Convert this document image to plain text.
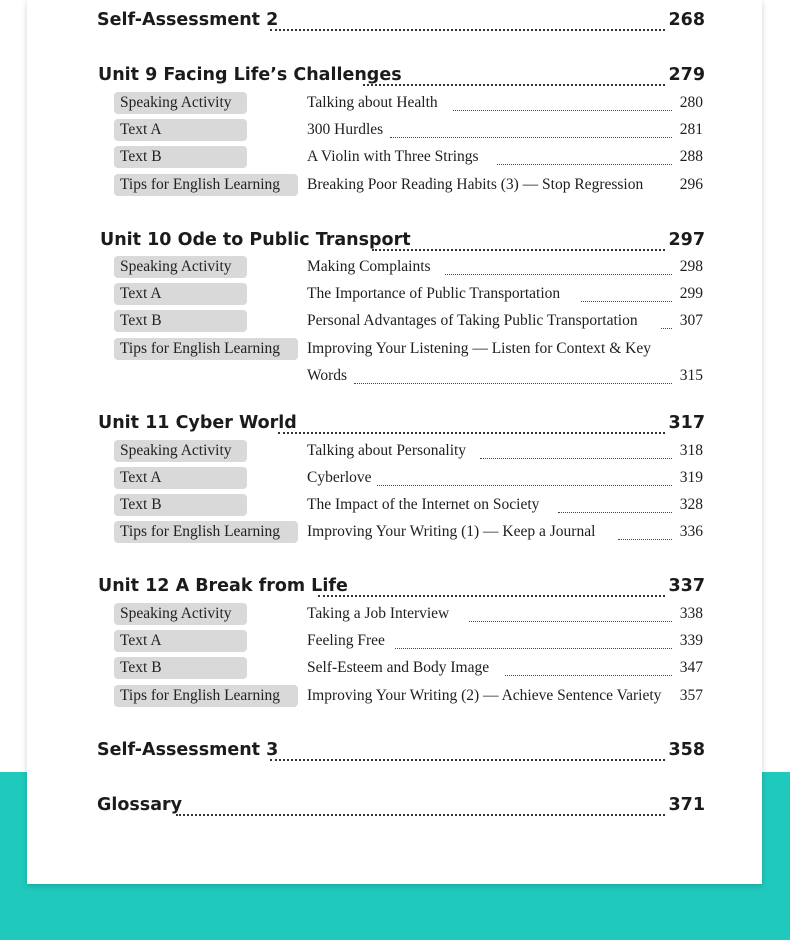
Self-Assessment 2	268
Unit 9 Facing Life’s Challenges	279
Speaking Activity	Talking about Health	280
Text A	300 Hurdles	281
Text B	A Violin with Three Strings	288
Tips for English Learning	Breaking Poor Reading Habits (3) — Stop Regression	296
Unit 10 Ode to Public Transport	297
Speaking Activity	Making Complaints	298
Text A	The Importance of Public Transportation	299
Text B	Personal Advantages of Taking Public Transportation	307
Tips for English Learning	Improving Your Listening — Listen for Context & Key
Words	315
Unit 11 Cyber World	317
Speaking Activity	Talking about Personality	318
Text A	Cyberlove	319
Text B	The Impact of the Internet on Society	328
Tips for English Learning	Improving Your Writing (1) — Keep a Journal	336
Unit 12 A Break from Life	337
Speaking Activity	Taking a Job Interview	338
Text A	Feeling Free	339
Text B	Self-Esteem and Body Image	347
Tips for English Learning	Improving Your Writing (2) — Achieve Sentence Variety	357
Self-Assessment 3	358
Glossary	371
